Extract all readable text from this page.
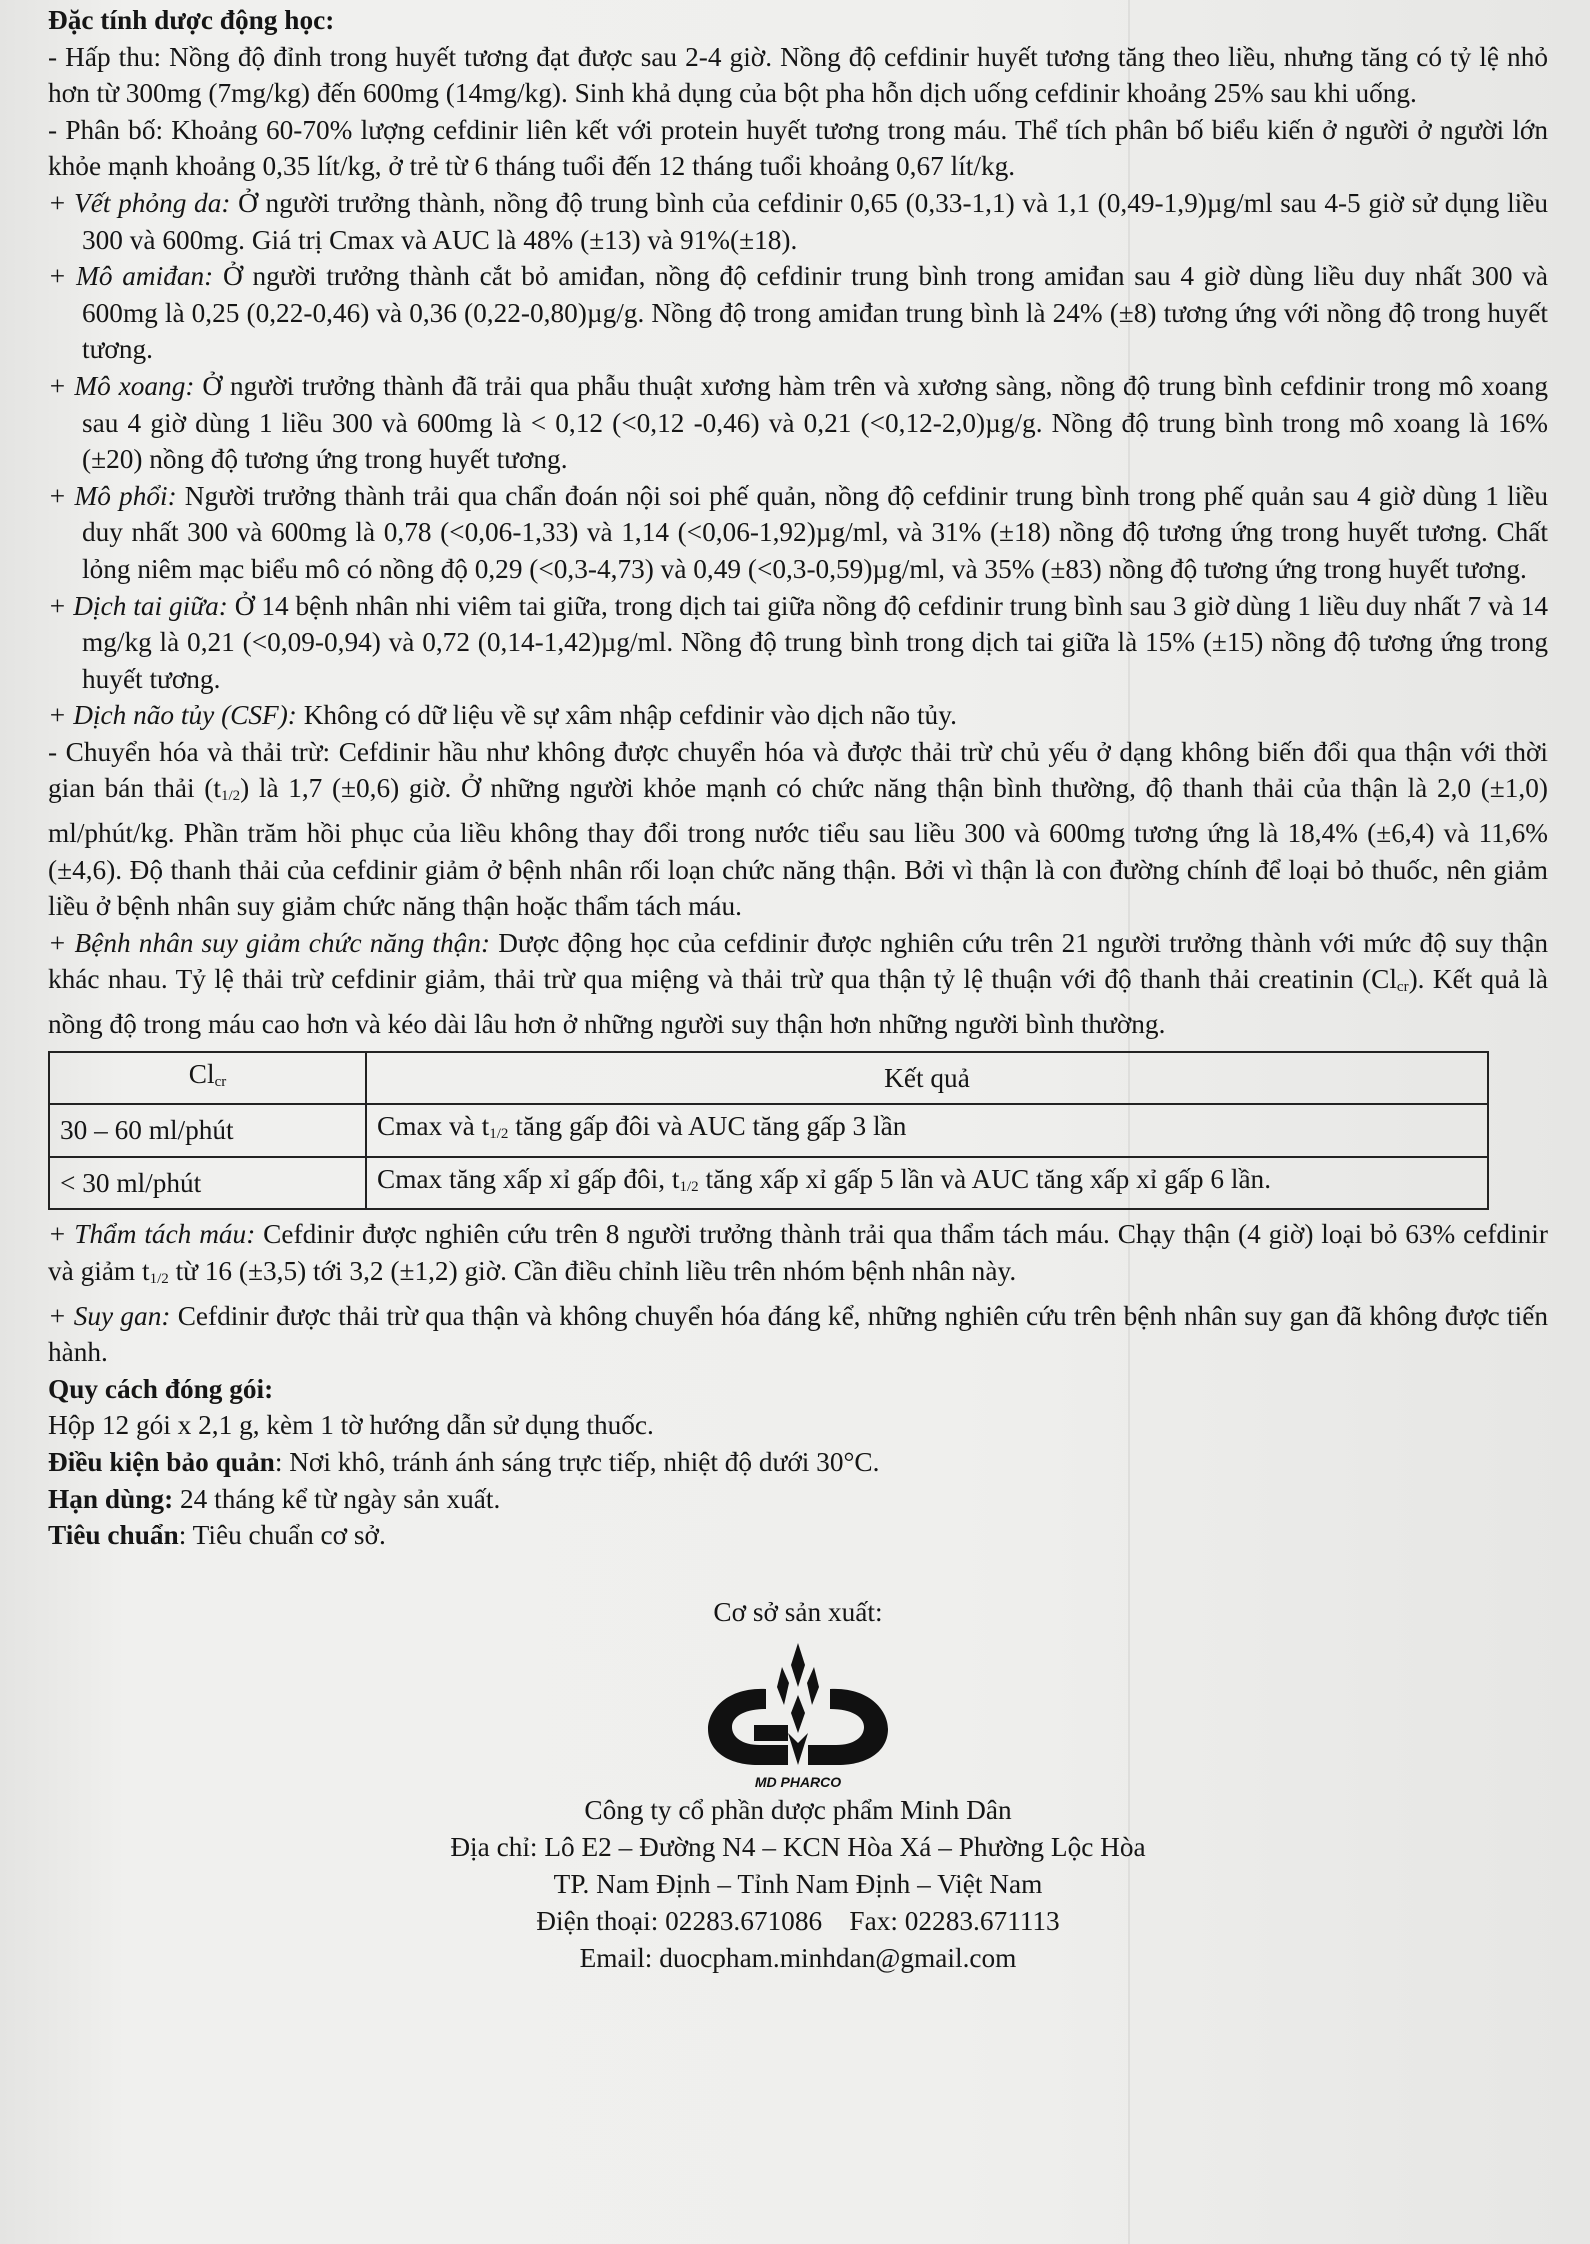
Đặc tính dược động học:

- Hấp thu: Nồng độ đỉnh trong huyết tương đạt được sau 2-4 giờ. Nồng độ cefdinir huyết tương tăng theo liều, nhưng tăng có tỷ lệ nhỏ hơn từ 300mg (7mg/kg) đến 600mg (14mg/kg). Sinh khả dụng của bột pha hỗn dịch uống cefdinir khoảng 25% sau khi uống.

- Phân bố: Khoảng 60-70% lượng cefdinir liên kết với protein huyết tương trong máu. Thể tích phân bố biểu kiến ở người ở người lớn khỏe mạnh khoảng 0,35 lít/kg, ở trẻ từ 6 tháng tuổi đến 12 tháng tuổi khoảng 0,67 lít/kg.

+ Vết phỏng da: Ở người trưởng thành, nồng độ trung bình của cefdinir 0,65 (0,33-1,1) và 1,1 (0,49-1,9)µg/ml sau 4-5 giờ sử dụng liều 300 và 600mg. Giá trị Cmax và AUC là 48% (±13) và 91%(±18).

+ Mô amiđan: Ở người trưởng thành cắt bỏ amiđan, nồng độ cefdinir trung bình trong amiđan sau 4 giờ dùng liều duy nhất 300 và 600mg là 0,25 (0,22-0,46) và 0,36 (0,22-0,80)µg/g. Nồng độ trong amiđan trung bình là 24% (±8) tương ứng với nồng độ trong huyết tương.

+ Mô xoang: Ở người trưởng thành đã trải qua phẫu thuật xương hàm trên và xương sàng, nồng độ trung bình cefdinir trong mô xoang sau 4 giờ dùng 1 liều 300 và 600mg là < 0,12 (<0,12 -0,46) và 0,21 (<0,12-2,0)µg/g. Nồng độ trung bình trong mô xoang là 16% (±20) nồng độ tương ứng trong huyết tương.

+ Mô phổi: Người trưởng thành trải qua chẩn đoán nội soi phế quản, nồng độ cefdinir trung bình trong phế quản sau 4 giờ dùng 1 liều duy nhất 300 và 600mg là 0,78 (<0,06-1,33) và 1,14 (<0,06-1,92)µg/ml, và 31% (±18) nồng độ tương ứng trong huyết tương. Chất lỏng niêm mạc biểu mô có nồng độ 0,29 (<0,3-4,73) và 0,49 (<0,3-0,59)µg/ml, và 35% (±83) nồng độ tương ứng trong huyết tương.

+ Dịch tai giữa: Ở 14 bệnh nhân nhi viêm tai giữa, trong dịch tai giữa nồng độ cefdinir trung bình sau 3 giờ dùng 1 liều duy nhất 7 và 14 mg/kg là 0,21 (<0,09-0,94) và 0,72 (0,14-1,42)µg/ml. Nồng độ trung bình trong dịch tai giữa là 15% (±15) nồng độ tương ứng trong huyết tương.

+ Dịch não tủy (CSF): Không có dữ liệu về sự xâm nhập cefdinir vào dịch não tủy.

- Chuyển hóa và thải trừ: Cefdinir hầu như không được chuyển hóa và được thải trừ chủ yếu ở dạng không biến đổi qua thận với thời gian bán thải $(t_{1/2})$ là 1,7 (±0,6) giờ. Ở những người khỏe mạnh có chức năng thận bình thường, độ thanh thải của thận là 2,0 (±1,0) ml/phút/kg. Phần trăm hồi phục của liều không thay đổi trong nước tiểu sau liều 300 và 600mg tương ứng là 18,4% (±6,4) và 11,6% (±4,6). Độ thanh thải của cefdinir giảm ở bệnh nhân rối loạn chức năng thận. Bởi vì thận là con đường chính để loại bỏ thuốc, nên giảm liều ở bệnh nhân suy giảm chức năng thận hoặc thẩm tách máu.

+ Bệnh nhân suy giảm chức năng thận: Dược động học của cefdinir được nghiên cứu trên 21 người trưởng thành với mức độ suy thận khác nhau. Tỷ lệ thải trừ cefdinir giảm, thải trừ qua miệng và thải trừ qua thận tỷ lệ thuận với độ thanh thải creatinin $(Cl_{cr})$. Kết quả là nồng độ trong máu cao hơn và kéo dài lâu hơn ở những người suy thận hơn những người bình thường.

$Cl_{cr}$	Kết quả
30 – 60 ml/phút	Cmax và $t_{1/2}$ tăng gấp đôi và AUC tăng gấp 3 lần
< 30 ml/phút	Cmax tăng xấp xỉ gấp đôi, $t_{1/2}$ tăng xấp xỉ gấp 5 lần và AUC tăng xấp xỉ gấp 6 lần.

+ Thẩm tách máu: Cefdinir được nghiên cứu trên 8 người trưởng thành trải qua thẩm tách máu. Chạy thận (4 giờ) loại bỏ 63% cefdinir và giảm $t_{1/2}$ từ 16 (±3,5) tới 3,2 (±1,2) giờ. Cần điều chỉnh liều trên nhóm bệnh nhân này.

+ Suy gan: Cefdinir được thải trừ qua thận và không chuyển hóa đáng kể, những nghiên cứu trên bệnh nhân suy gan đã không được tiến hành.

Quy cách đóng gói:

Hộp 12 gói x 2,1 g, kèm 1 tờ hướng dẫn sử dụng thuốc.

Điều kiện bảo quản: Nơi khô, tránh ánh sáng trực tiếp, nhiệt độ dưới 30°C.

Hạn dùng: 24 tháng kể từ ngày sản xuất.

Tiêu chuẩn: Tiêu chuẩn cơ sở.

Cơ sở sản xuất:

MD PHARCO

Công ty cổ phần dược phẩm Minh Dân

Địa chỉ: Lô E2 – Đường N4 – KCN Hòa Xá – Phường Lộc Hòa

TP. Nam Định – Tỉnh Nam Định – Việt Nam

Điện thoại: 02283.671086    Fax: 02283.671113

Email: duocpham.minhdan@gmail.com
